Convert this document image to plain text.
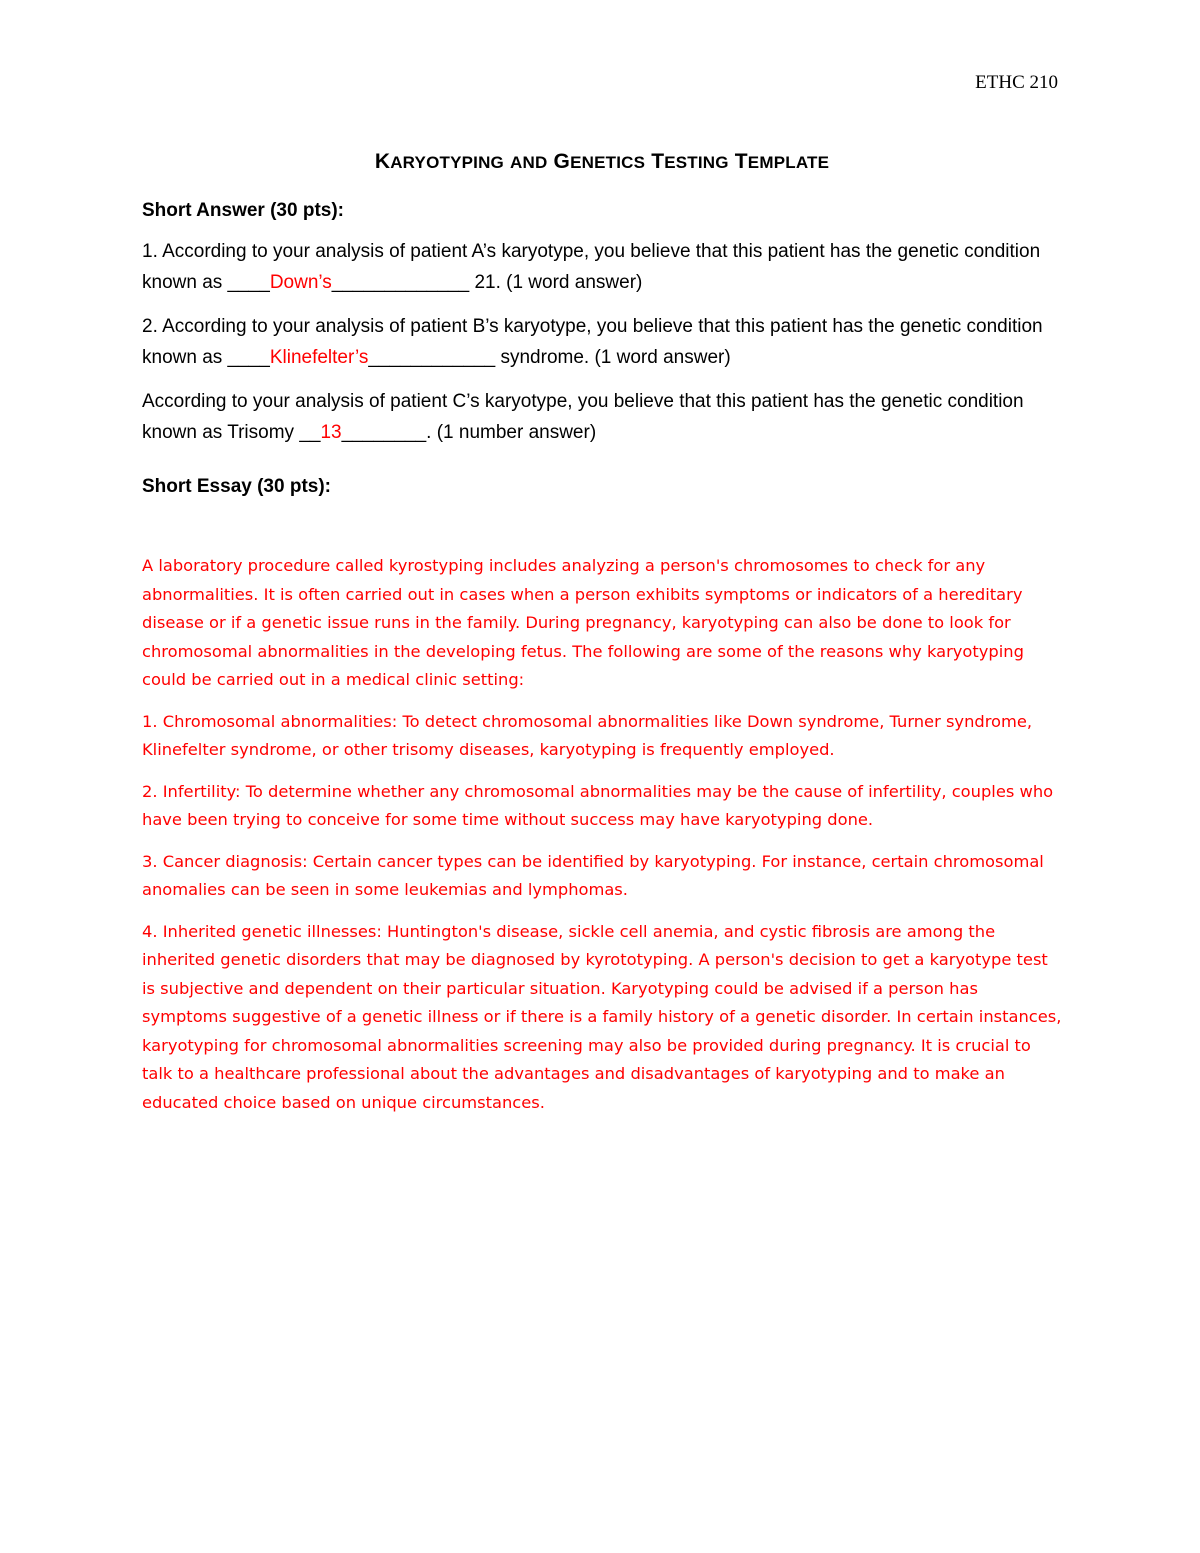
ETHC 210
KARYOTYPING AND GENETICS TESTING TEMPLATE
Short Answer (30 pts):

1. According to your analysis of patient A’s karyotype, you believe that this patient has the genetic condition known as ____Down’s_____________ 21. (1 word answer)

2. According to your analysis of patient B’s karyotype, you believe that this patient has the genetic condition known as ____Klinefelter’s____________ syndrome. (1 word answer)

According to your analysis of patient C’s karyotype, you believe that this patient has the genetic condition known as Trisomy __13________. (1 number answer)

Short Essay (30 pts):

A laboratory procedure called kyrostyping includes analyzing a person's chromosomes to check for any abnormalities. It is often carried out in cases when a person exhibits symptoms or indicators of a hereditary disease or if a genetic issue runs in the family. During pregnancy, karyotyping can also be done to look for chromosomal abnormalities in the developing fetus. The following are some of the reasons why karyotyping could be carried out in a medical clinic setting:

1. Chromosomal abnormalities: To detect chromosomal abnormalities like Down syndrome, Turner syndrome, Klinefelter syndrome, or other trisomy diseases, karyotyping is frequently employed.

2. Infertility: To determine whether any chromosomal abnormalities may be the cause of infertility, couples who have been trying to conceive for some time without success may have karyotyping done.

3. Cancer diagnosis: Certain cancer types can be identified by karyotyping. For instance, certain chromosomal anomalies can be seen in some leukemias and lymphomas.

4. Inherited genetic illnesses: Huntington's disease, sickle cell anemia, and cystic fibrosis are among the inherited genetic disorders that may be diagnosed by kyrototyping. A person's decision to get a karyotype test is subjective and dependent on their particular situation. Karyotyping could be advised if a person has symptoms suggestive of a genetic illness or if there is a family history of a genetic disorder. In certain instances, karyotyping for chromosomal abnormalities screening may also be provided during pregnancy. It is crucial to talk to a healthcare professional about the advantages and disadvantages of karyotyping and to make an educated choice based on unique circumstances.
